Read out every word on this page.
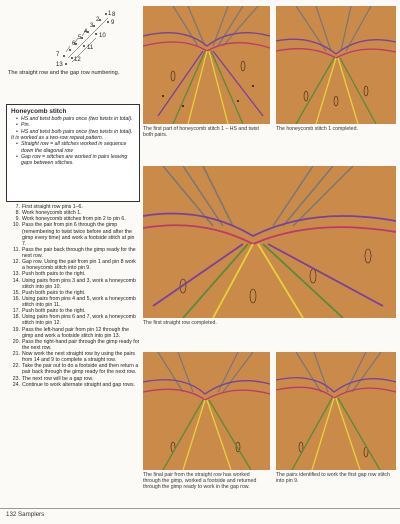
1
2
3
4
5
6
7
8
9
10
11
12
13
The straight row and the gap row numbering.
Honeycomb stitch
• HS and twist both pairs once (two twists in total).
• Pin.
• HS and twist both pairs once (two twists in total).

It is worked as a two-row repeat pattern.

• Straight row = all stitches worked in sequence down the diagonal row
• Gap row = stitches are worked in pairs leaving gaps between stitches.
7. First straight row pins 1–6.
8. Work honeycomb stitch 1.
9. Work honeycomb stitches from pin 2 to pin 6.
10. Pass the pair from pin 6 through the gimp (remembering to twist twice before and after the gimp every time) and work a footside stitch at pin 7.
11. Pass the pair back through the gimp ready for the next row.
12. Gap row. Using the pair from pin 1 and pin 8 work a honeycomb stitch into pin 9.
13. Push both pairs to the right.
14. Using pairs from pins 3 and 3, work a honeycomb stitch into pin 10.
15. Push both pairs to the right.
16. Using pairs from pins 4 and 5, work a honeycomb stitch into pin 11.
17. Push both pairs to the right.
18. Using pairs from pins 6 and 7, work a honeycomb stitch into pin 12.
19. Pass the left-hand pair from pin 12 through the gimp and work a footside stitch into pin 13.
20. Pass the right-hand pair through the gimp ready for the next row.
21. Now work the next straight row by using the pairs from 14 and 9 to complete a straight row.
22. Take the pair out to do a footside and then return a pair back through the gimp ready for the next row.
23. The next row will be a gap row.
24. Continue to work alternate straight and gap rows.
The first part of honeycomb stitch 1 – HS and twist both pairs.
The honeycomb stitch 1 completed.
The first straight row completed.
The final pair from the straight row has worked through the gimp, worked a footside and returned through the gimp ready to work in the gap row.
The pairs identified to work the first gap row stitch into pin 9.
132 Samplers
